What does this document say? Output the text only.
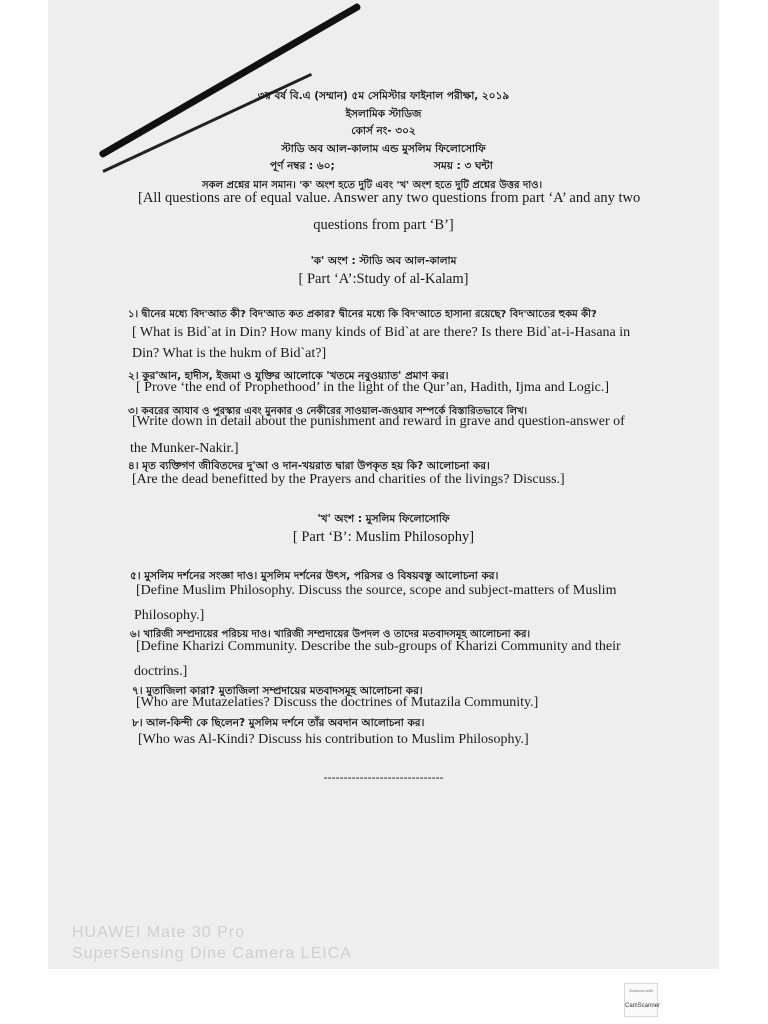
৩য় বর্ষ বি.এ (সম্মান) ৫ম সেমিস্টার ফাইনাল পরীক্ষা, ২০১৯
ইসলামিক স্টাডিজ
কোর্স নং- ৩০২
স্টাডি অব আল-কালাম এন্ড মুসলিম ফিলোসোফি
পূর্ণ নম্বর : ৬০;	সময় : ৩ ঘন্টা
সকল প্রশ্নের মান সমান। 'ক' অংশ হতে দুটি এবং 'খ' অংশ হতে দুটি প্রশ্নের উত্তর দাও।
[All questions are of equal value. Answer any two questions from part ‘A’ and any two
questions from part ‘B’]
'ক' অংশ : স্টাডি অব আল-কালাম
[ Part ‘A’:Study of al-Kalam]
১। দ্বীনের মধ্যে বিদ'আত কী? বিদ'আত কত প্রকার? দ্বীনের মধ্যে কি বিদ'আতে হাসানা রয়েছে? বিদ'আতের হুকম কী?
[ What is Bid`at in Din? How many kinds of Bid`at are there? Is there Bid`at-i-Hasana in
Din? What is the hukm of Bid`at?]
২। কুর'আন, হাদীস, ইজমা ও যুক্তির আলোকে 'খতমে নবুওয়্যাত' প্রমাণ কর।
[ Prove ‘the end of Prophethood’ in the light of the Qur’an, Hadith, Ijma and Logic.]
৩। কবরের আযাব ও পুরস্কার এবং মুনকার ও নেকীরের সাওয়াল-জওয়াব সম্পর্কে বিস্তারিতভাবে লিখ।
[Write down in detail about the punishment and reward in grave and question-answer of
the Munker-Nakir.]
৪। মৃত ব্যক্তিগণ জীবিতদের দু'আ ও দান-খয়রাত দ্বারা উপকৃত হয় কি? আলোচনা কর।
[Are the dead benefitted by the Prayers and charities of the livings? Discuss.]
'খ' অংশ : মুসলিম ফিলোসোফি
[ Part ‘B’: Muslim Philosophy]
৫। মুসলিম দর্শনের সংজ্ঞা দাও। মুসলিম দর্শনের উৎস, পরিসর ও বিষয়বস্তু আলোচনা কর।
[Define Muslim Philosophy. Discuss the source, scope and subject-matters of Muslim
Philosophy.]
৬। খারিজী সম্প্রদায়ের পরিচয় দাও। খারিজী সম্প্রদায়ের উপদল ও তাদের মতবাদসমূহ আলোচনা কর।
[Define Kharizi Community. Describe the sub-groups of Kharizi Community and their
doctrins.]
৭। মুতাজিলা কারা? মুতাজিলা সম্প্রদায়ের মতবাদসমূহ আলোচনা কর।
[Who are Mutazelaties? Discuss the doctrines of Mutazila Community.]
৮। আল-কিন্দী কে ছিলেন? মুসলিম দর্শনে তাঁর অবদান আলোচনা কর।
[Who was Al-Kindi? Discuss his contribution to Muslim Philosophy.]
------------------------------
HUAWEI Mate 30 Pro
SuperSensing Dine Camera LEICA
Scanned with
CamScanner
